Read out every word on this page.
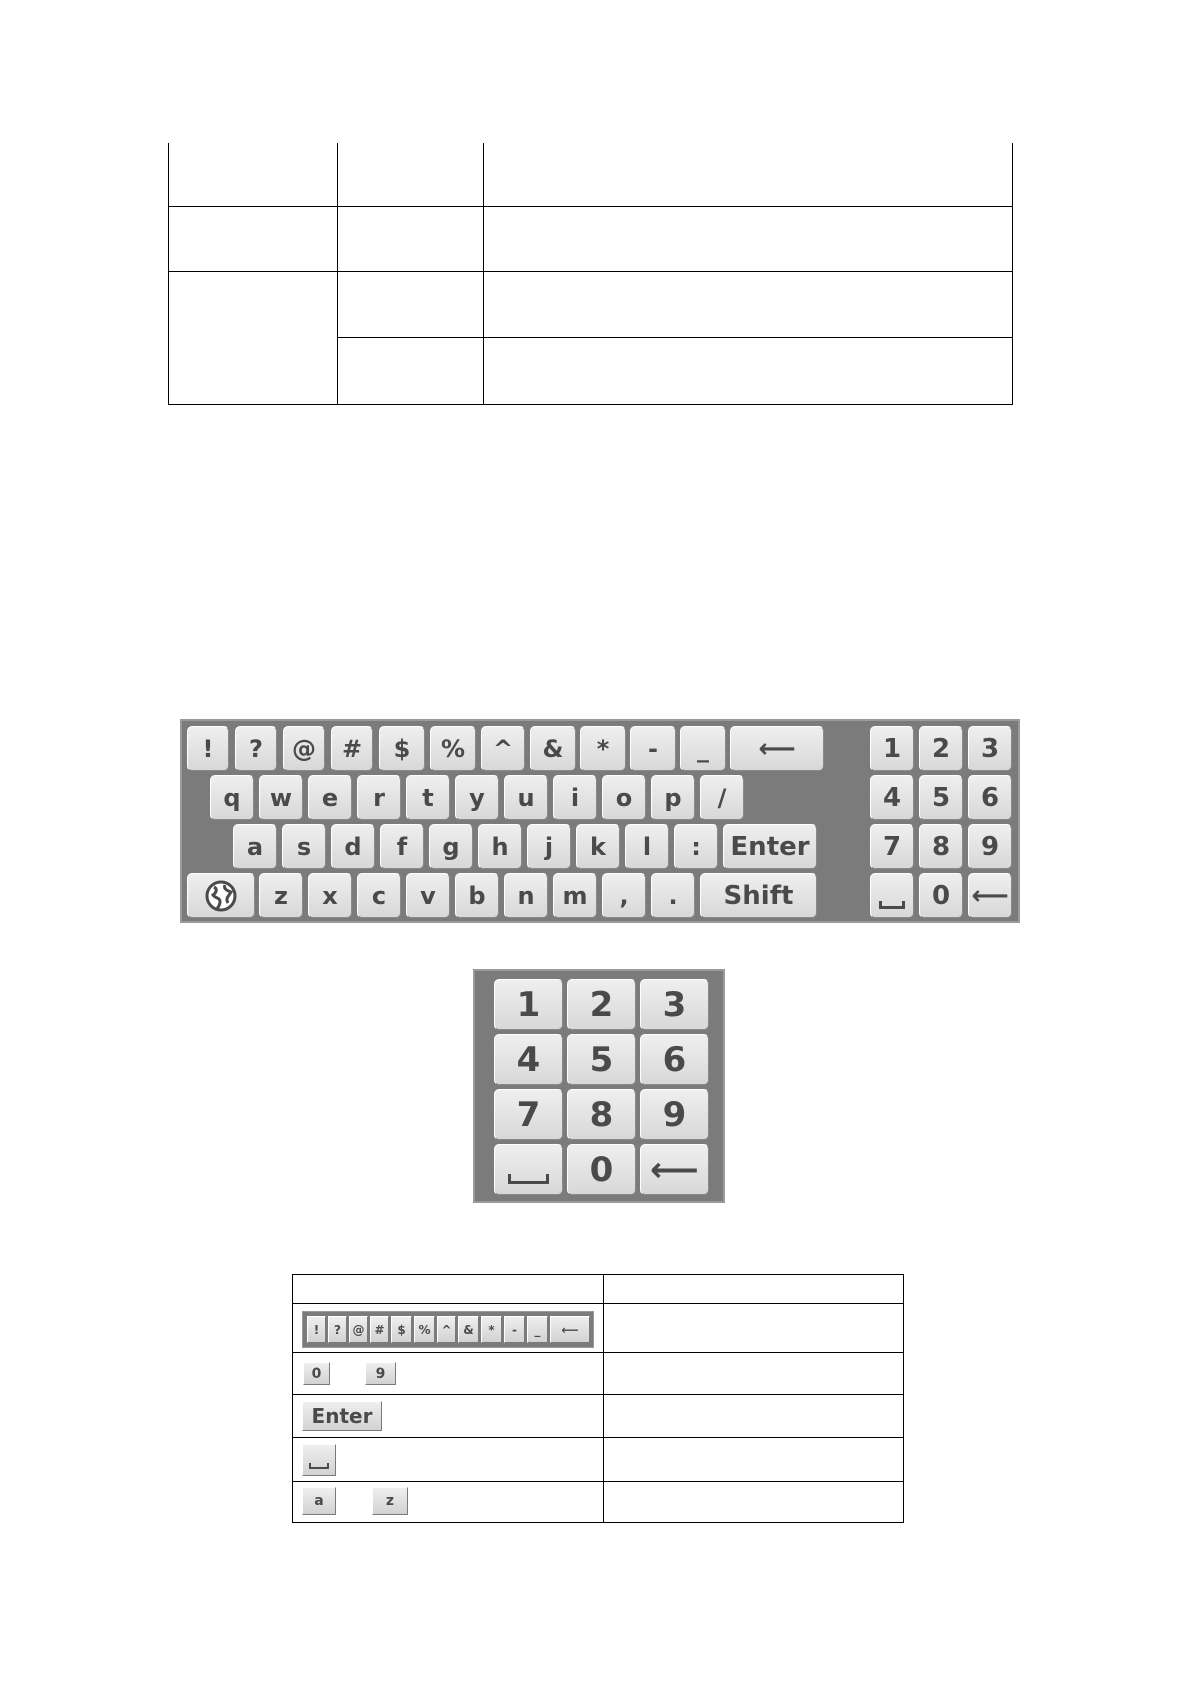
! ? @ # $ % ^ & * - _ ⟵
q w e r t y u i o p /
a s d f g h j k l : Enter
z x c v b n m , . Shift
1 2 3
4 5 6
7 8 9
0 ⟵
1 2 3
4 5 6
7 8 9
0 ⟵
! ? @ # $ % ^ & * - _ ⟵
0	9
Enter
a	z
